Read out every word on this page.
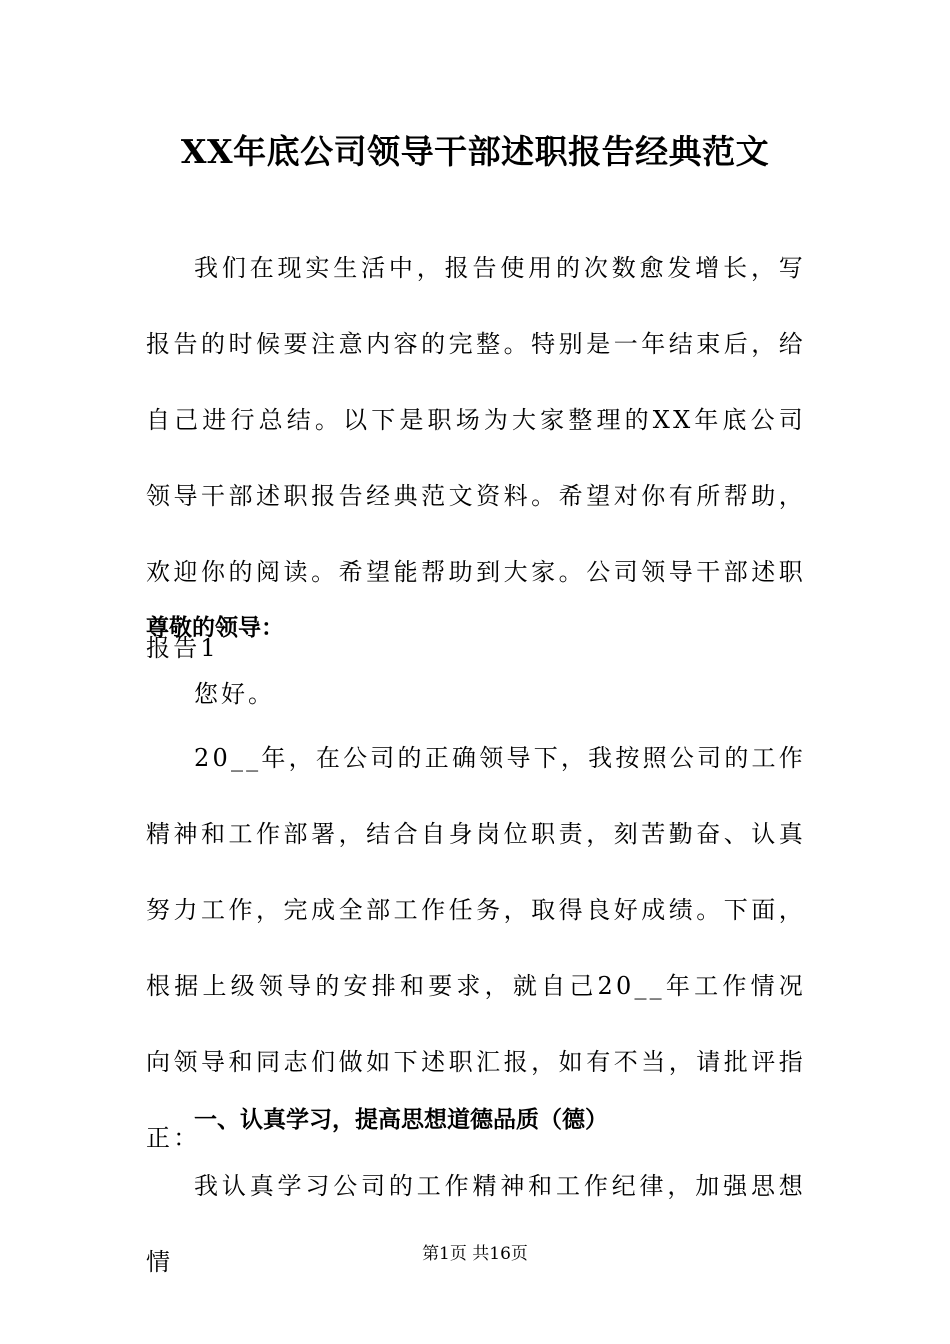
XX年底公司领导干部述职报告经典范文
我们在现实生活中，报告使用的次数愈发增长，写报告的时候要注意内容的完整。特别是一年结束后，给自己进行总结。以下是职场为大家整理的XX年底公司领导干部述职报告经典范文资料。希望对你有所帮助，欢迎你的阅读。希望能帮助到大家。公司领导干部述职报告1
尊敬的领导：
您好。
20__年，在公司的正确领导下，我按照公司的工作精神和工作部署，结合自身岗位职责，刻苦勤奋、认真努力工作，完成全部工作任务，取得良好成绩。下面，根据上级领导的安排和要求，就自己20__年工作情况向领导和同志们做如下述职汇报，如有不当，请批评指正：
一、认真学习，提高思想道德品质（德）
我认真学习公司的工作精神和工作纪律，加强思想情	第1页 共16页
